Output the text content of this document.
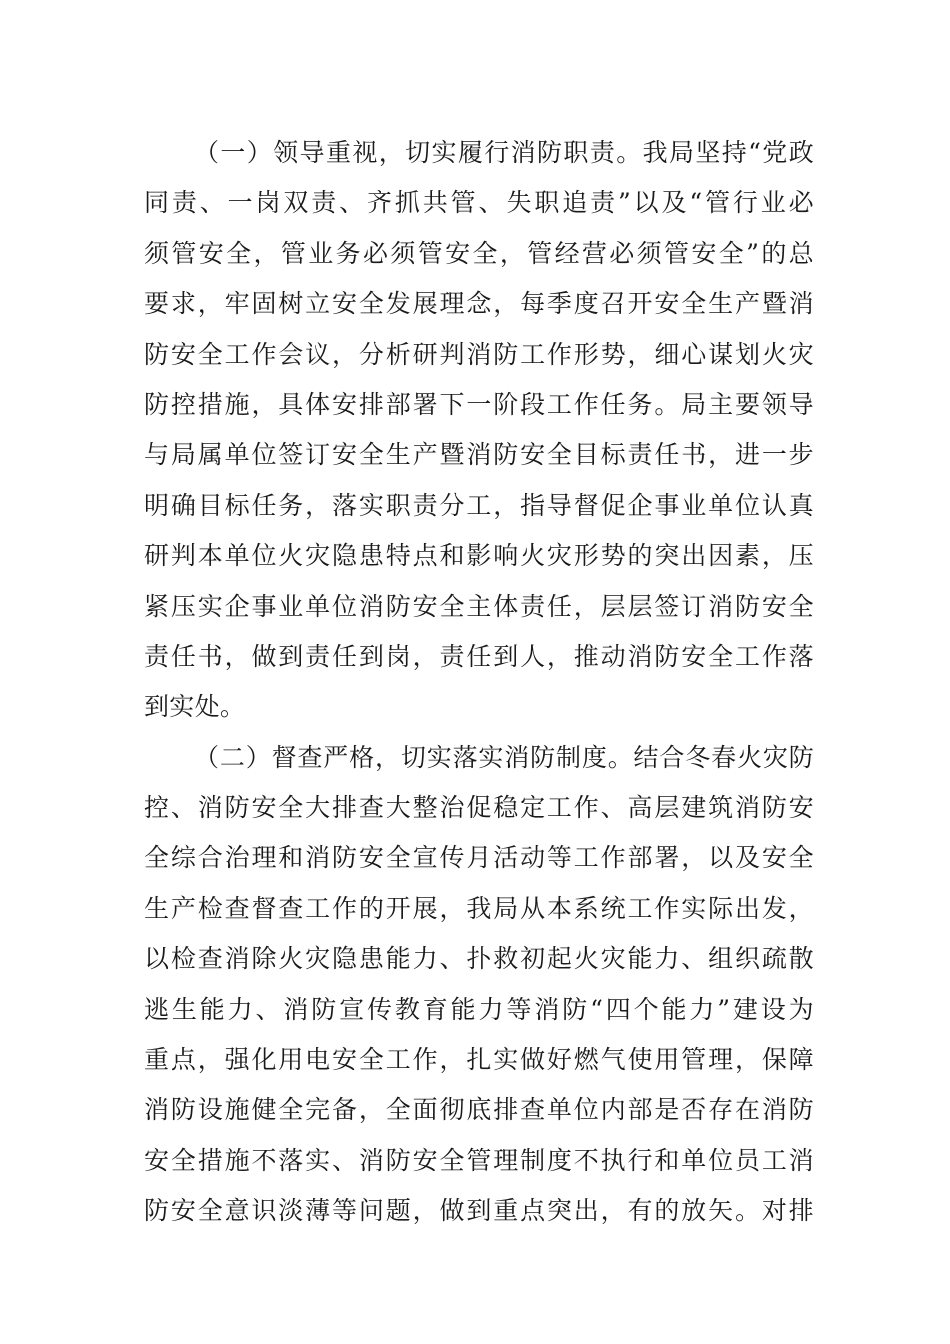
（一）领导重视，切实履行消防职责。我局坚持“党政
同责、一岗双责、齐抓共管、失职追责”以及“管行业必
须管安全，管业务必须管安全，管经营必须管安全”的总
要求，牢固树立安全发展理念，每季度召开安全生产暨消
防安全工作会议，分析研判消防工作形势，细心谋划火灾
防控措施，具体安排部署下一阶段工作任务。局主要领导
与局属单位签订安全生产暨消防安全目标责任书，进一步
明确目标任务，落实职责分工，指导督促企事业单位认真
研判本单位火灾隐患特点和影响火灾形势的突出因素，压
紧压实企事业单位消防安全主体责任，层层签订消防安全
责任书，做到责任到岗，责任到人，推动消防安全工作落
到实处。
（二）督查严格，切实落实消防制度。结合冬春火灾防
控、消防安全大排查大整治促稳定工作、高层建筑消防安
全综合治理和消防安全宣传月活动等工作部署，以及安全
生产检查督查工作的开展，我局从本系统工作实际出发，
以检查消除火灾隐患能力、扑救初起火灾能力、组织疏散
逃生能力、消防宣传教育能力等消防“四个能力”建设为
重点，强化用电安全工作，扎实做好燃气使用管理，保障
消防设施健全完备，全面彻底排查单位内部是否存在消防
安全措施不落实、消防安全管理制度不执行和单位员工消
防安全意识淡薄等问题，做到重点突出，有的放矢。对排
